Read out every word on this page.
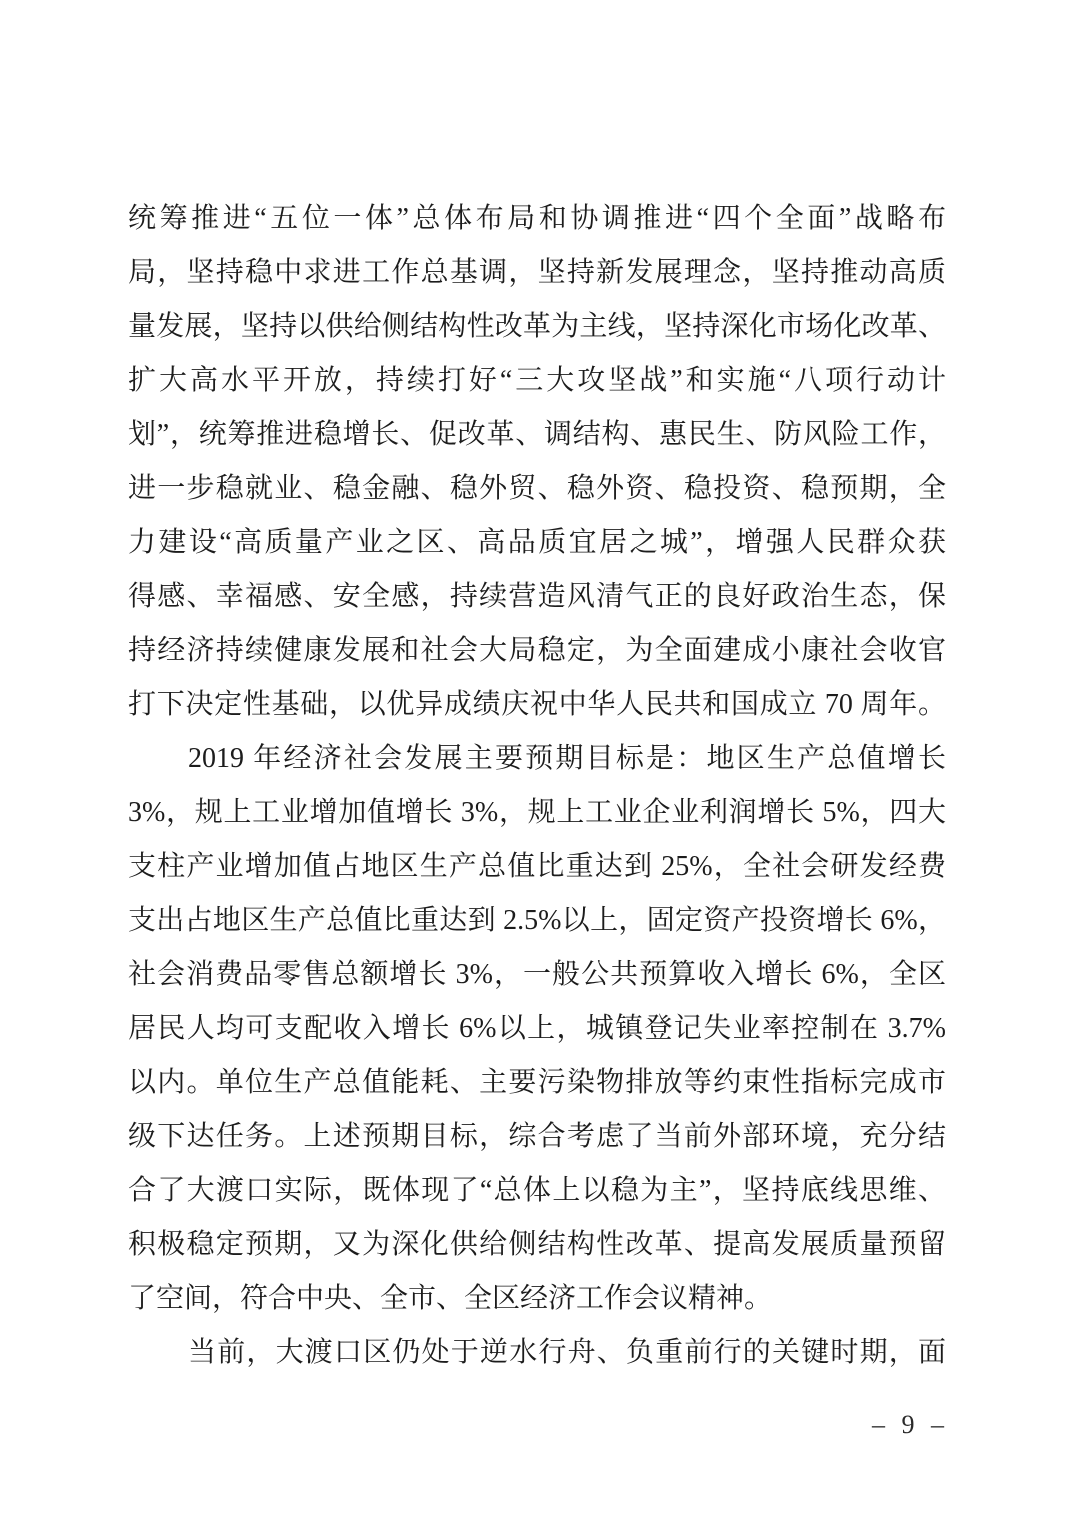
统筹推进“五位一体”总体布局和协调推进“四个全面”战略布
局，坚持稳中求进工作总基调，坚持新发展理念，坚持推动高质
量发展，坚持以供给侧结构性改革为主线，坚持深化市场化改革、
扩大高水平开放，持续打好“三大攻坚战”和实施“八项行动计
划”，统筹推进稳增长、促改革、调结构、惠民生、防风险工作，
进一步稳就业、稳金融、稳外贸、稳外资、稳投资、稳预期，全
力建设“高质量产业之区、高品质宜居之城”，增强人民群众获
得感、幸福感、安全感，持续营造风清气正的良好政治生态，保
持经济持续健康发展和社会大局稳定，为全面建成小康社会收官
打下决定性基础，以优异成绩庆祝中华人民共和国成立 70 周年。
2019 年经济社会发展主要预期目标是：地区生产总值增长
3%，规上工业增加值增长 3%，规上工业企业利润增长 5%，四大
支柱产业增加值占地区生产总值比重达到 25%，全社会研发经费
支出占地区生产总值比重达到 2.5%以上，固定资产投资增长 6%，
社会消费品零售总额增长 3%，一般公共预算收入增长 6%，全区
居民人均可支配收入增长 6%以上，城镇登记失业率控制在 3.7%
以内。单位生产总值能耗、主要污染物排放等约束性指标完成市
级下达任务。上述预期目标，综合考虑了当前外部环境，充分结
合了大渡口实际，既体现了“总体上以稳为主”，坚持底线思维、
积极稳定预期，又为深化供给侧结构性改革、提高发展质量预留
了空间，符合中央、全市、全区经济工作会议精神。
当前，大渡口区仍处于逆水行舟、负重前行的关键时期，面
– 9 –
